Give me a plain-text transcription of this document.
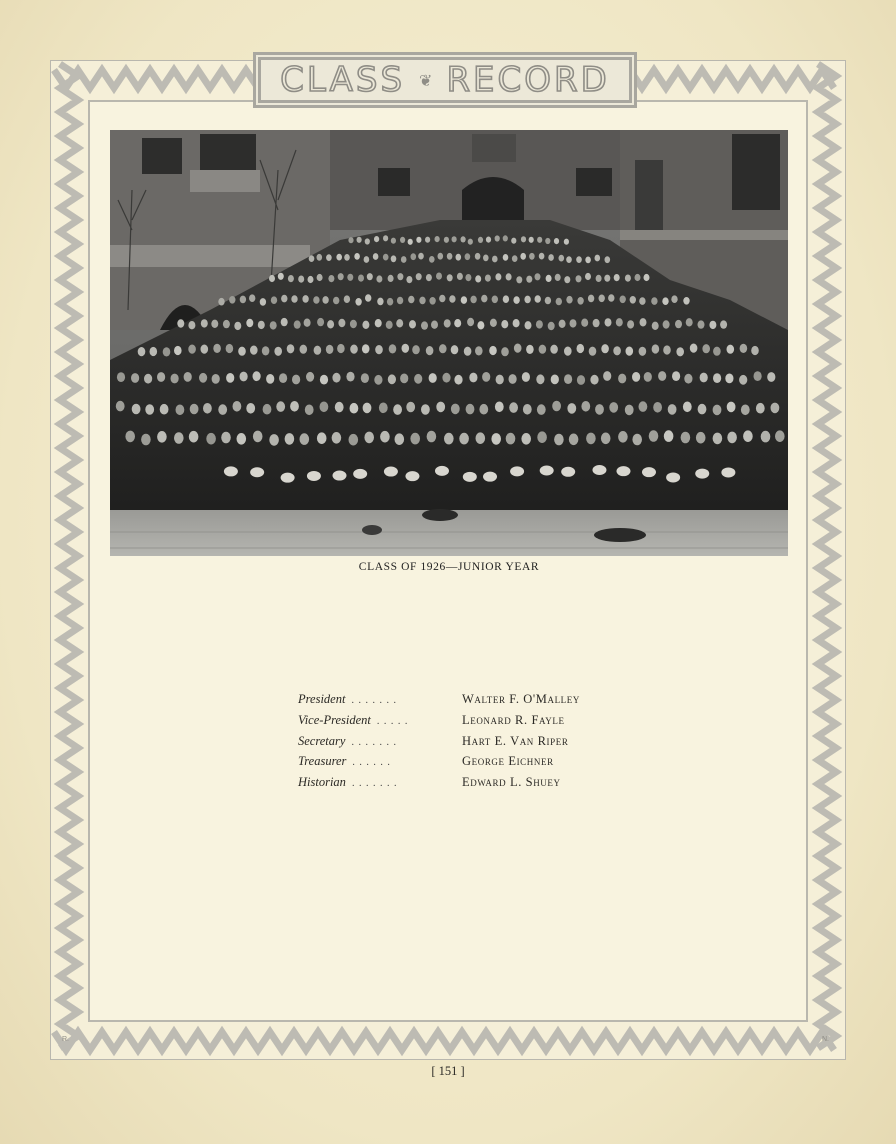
CLASS ❦ RECORD
CLASS OF 1926—JUNIOR YEAR
President .......	Walter F. O'Malley
Vice-President .....	Leonard R. Fayle
Secretary .......	Hart E. Van Riper
Treasurer ......	George Eichner
Historian .......	Edward L. Shuey
R.	N.
[ 151 ]
